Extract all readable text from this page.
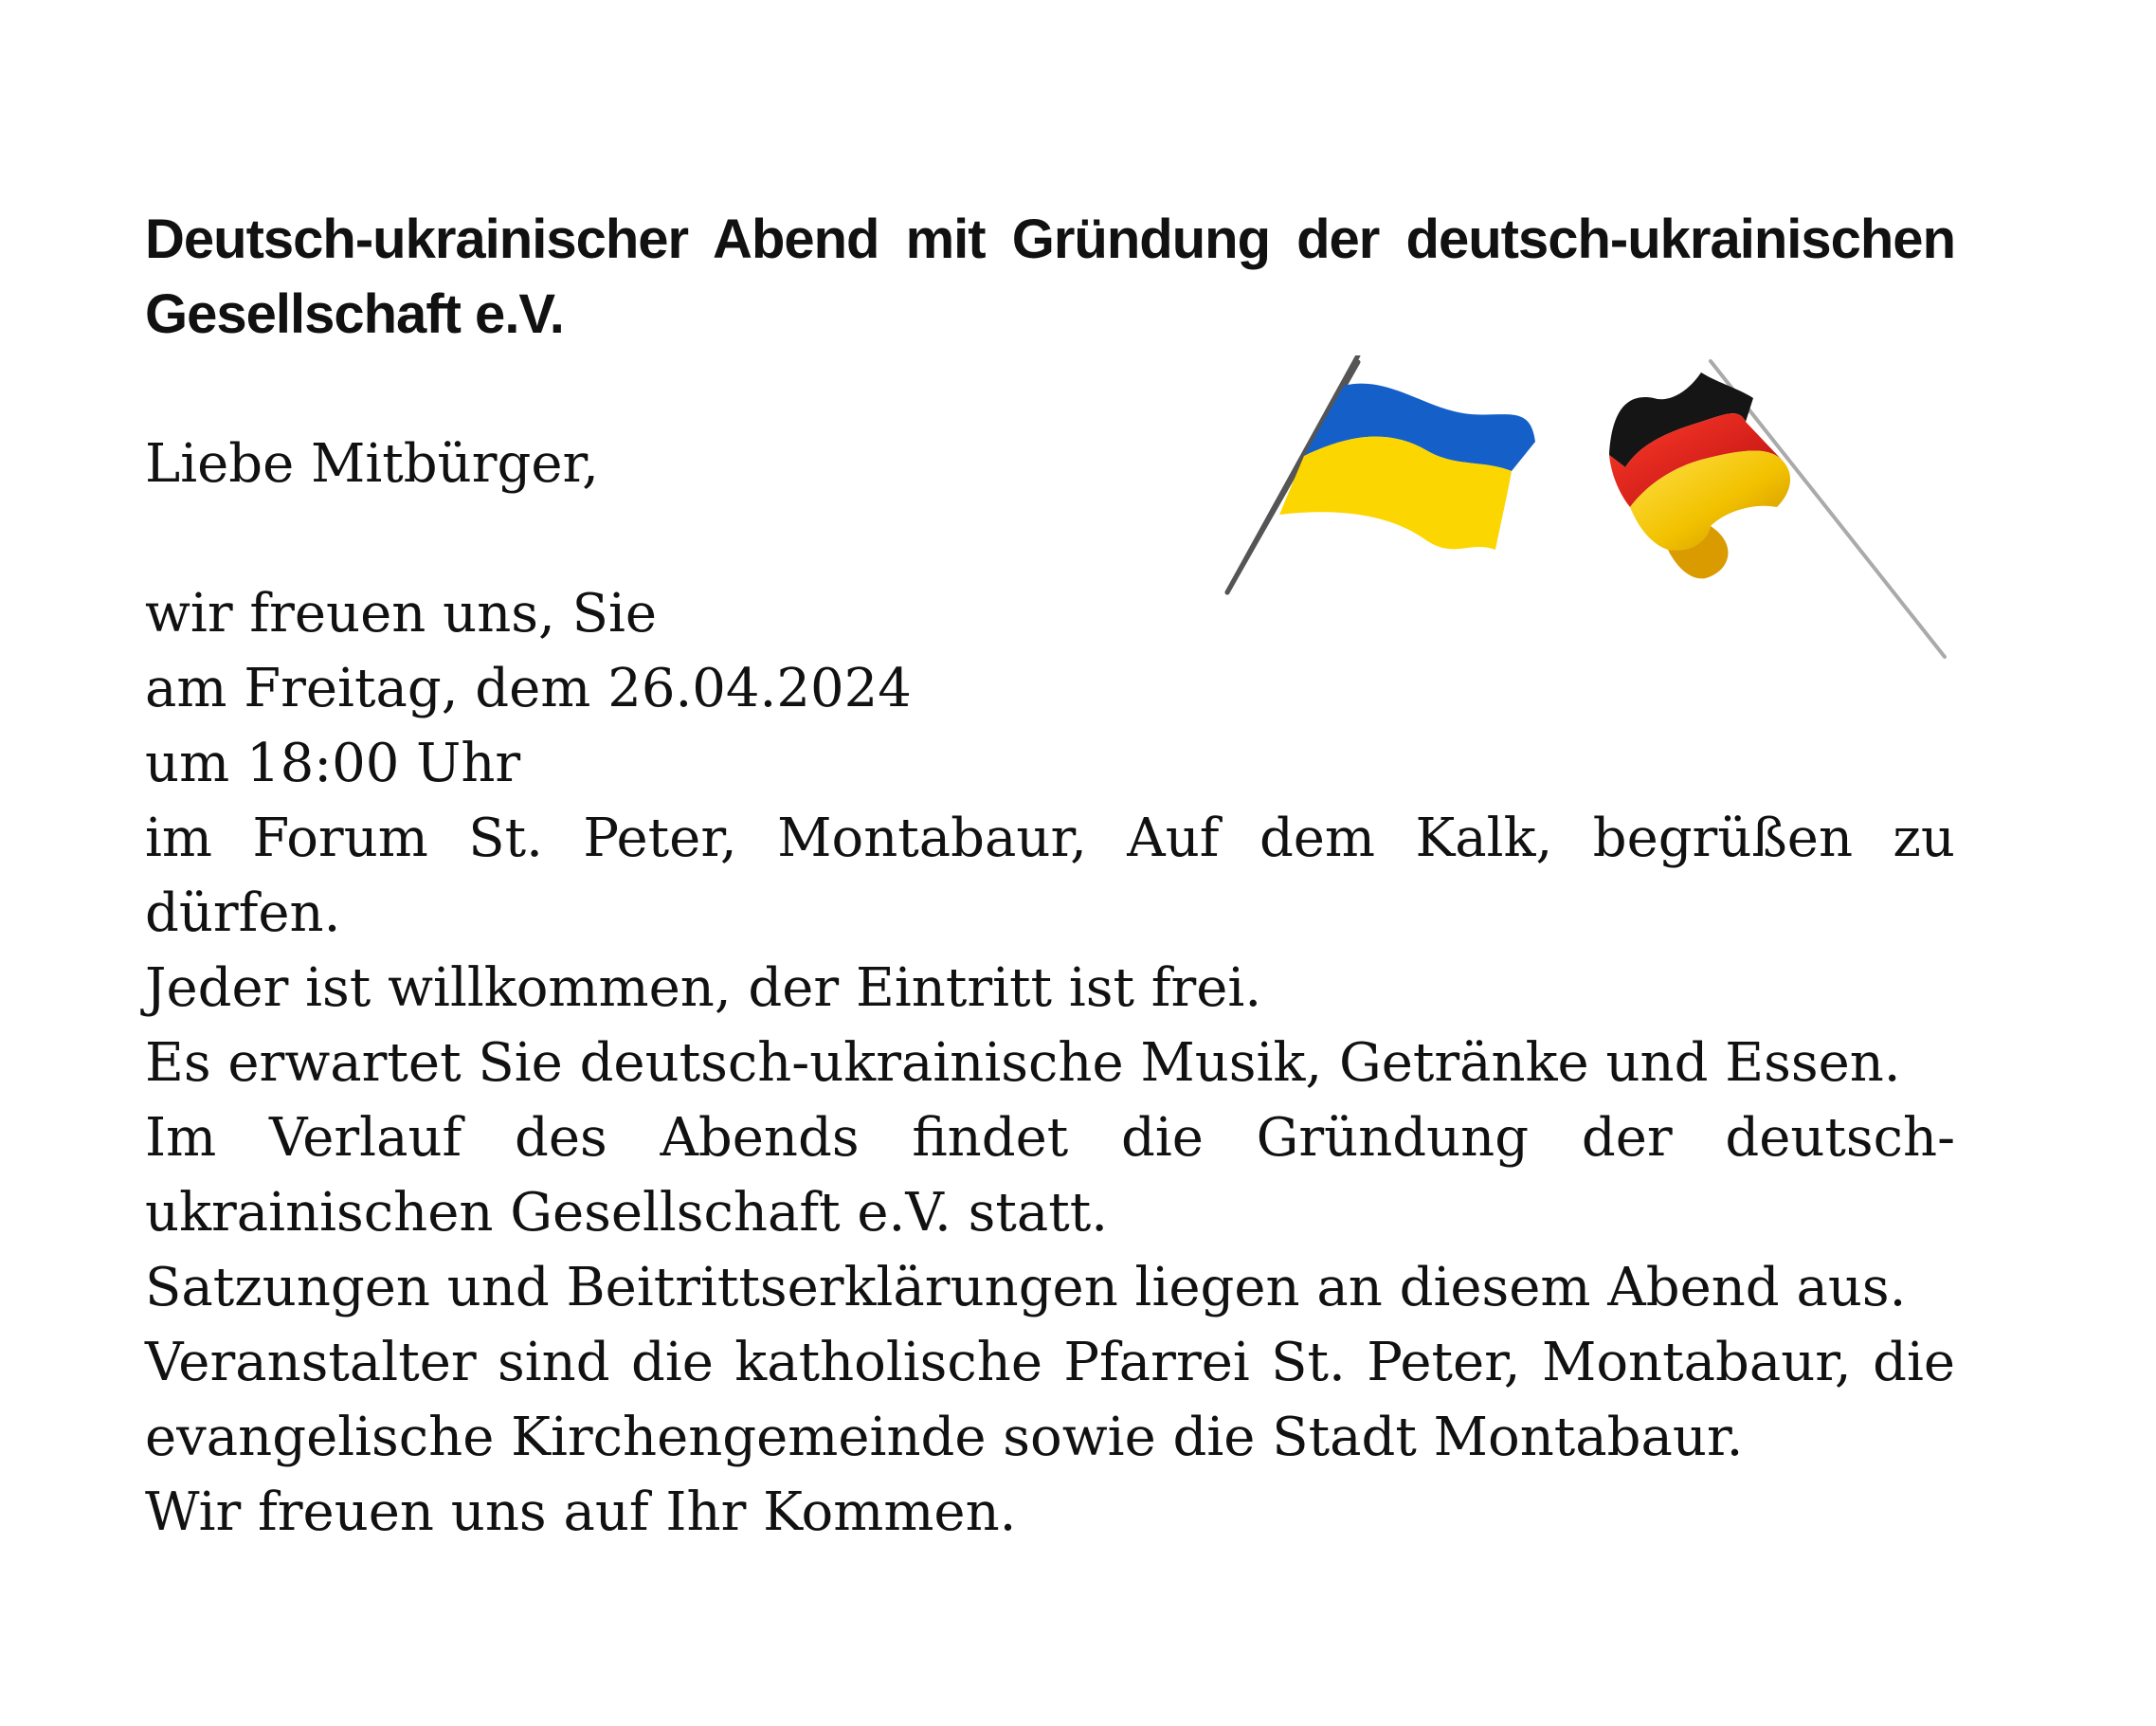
Deutsch-ukrainischer Abend mit Gründung der deutsch-ukrainischen Gesellschaft e.V.

Liebe Mitbürger,

wir freuen uns, Sie

am Freitag, dem 26.04.2024

um 18:00 Uhr

im Forum St. Peter, Montabaur, Auf dem Kalk, begrüßen zu dürfen.

Jeder ist willkommen, der Eintritt ist frei.

Es erwartet Sie deutsch-ukrainische Musik, Getränke und Essen.

Im Verlauf des Abends findet die Gründung der deutsch-ukrainischen Gesellschaft e.V. statt.

Satzungen und Beitrittserklärungen liegen an diesem Abend aus.

Veranstalter sind die katholische Pfarrei St. Peter, Montabaur, die evangelische Kirchengemeinde sowie die Stadt Montabaur.

Wir freuen uns auf Ihr Kommen.
